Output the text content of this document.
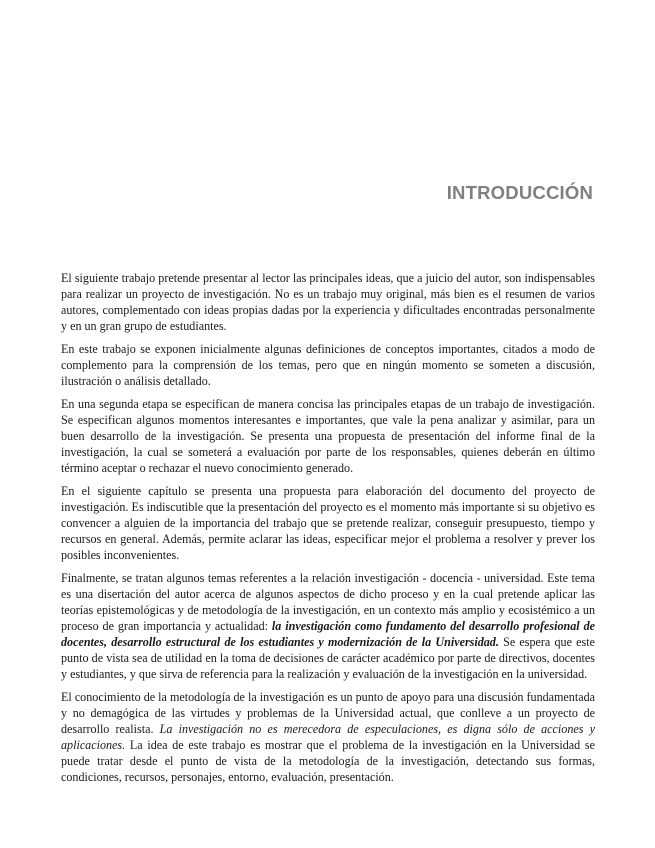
INTRODUCCIÓN

El siguiente trabajo pretende presentar al lector las principales ideas, que a juicio del autor, son indispensables para realizar un proyecto de investigación. No es un trabajo muy original, más bien es el resumen de varios autores, complementado con ideas propias dadas por la experiencia y dificultades encontradas personalmente y en un gran grupo de estudiantes.

En este trabajo se exponen inicialmente algunas definiciones de conceptos importantes, citados a modo de complemento para la comprensión de los temas, pero que en ningún momento se someten a discusión, ilustración o análisis detallado.

En una segunda etapa se especifican de manera concisa las principales etapas de un trabajo de investigación. Se especifican algunos momentos interesantes e importantes, que vale la pena analizar y asimilar, para un buen desarrollo de la investigación. Se presenta una propuesta de presentación del informe final de la investigación, la cual se someterá a evaluación por parte de los responsables, quienes deberán en último término aceptar o rechazar el nuevo conocimiento generado.

En el siguiente capítulo se presenta una propuesta para elaboración del documento del proyecto de investigación. Es indiscutible que la presentación del proyecto es el momento más importante si su objetivo es convencer a alguien de la importancia del trabajo que se pretende realizar, conseguir presupuesto, tiempo y recursos en general. Además, permite aclarar las ideas, especificar mejor el problema a resolver y prever los posibles inconvenientes.

Finalmente, se tratan algunos temas referentes a la relación investigación - docencia - universidad. Este tema es una disertación del autor acerca de algunos aspectos de dicho proceso y en la cual pretende aplicar las teorías epistemológicas y de metodología de la investigación, en un contexto más amplio y ecosistémico a un proceso de gran importancia y actualidad: la investigación como fundamento del desarrollo profesional de docentes, desarrollo estructural de los estudiantes y modernización de la Universidad. Se espera que este punto de vista sea de utilidad en la toma de decisiones de carácter académico por parte de directivos, docentes y estudiantes, y que sirva de referencia para la realización y evaluación de la investigación en la universidad.

El conocimiento de la metodología de la investigación es un punto de apoyo para una discusión fundamentada y no demagógica de las virtudes y problemas de la Universidad actual, que conlleve a un proyecto de desarrollo realista. La investigación no es merecedora de especulaciones, es digna sólo de acciones y aplicaciones. La idea de este trabajo es mostrar que el problema de la investigación en la Universidad se puede tratar desde el punto de vista de la metodología de la investigación, detectando sus formas, condiciones, recursos, personajes, entorno, evaluación, presentación.
